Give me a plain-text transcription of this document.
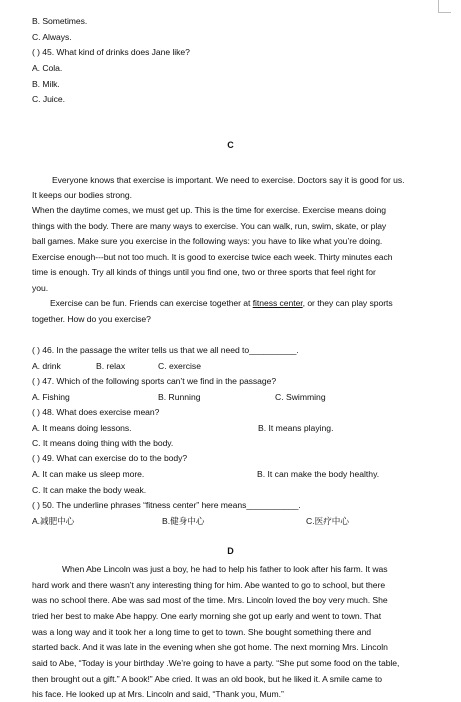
B. Sometimes.
C. Always.
( ) 45. What kind of drinks does Jane like?
A. Cola.
B. Milk.
C. Juice.
C
Everyone knows that exercise is important. We need to exercise. Doctors say it is good for us.
It keeps our bodies strong.
When the daytime comes, we must get up. This is the time for exercise. Exercise means doing
things with the body. There are many ways to exercise. You can walk, run, swim, skate, or play
ball games. Make sure you exercise in the following ways: you have to like what you’re doing.
Exercise enough---but not too much. It is good to exercise twice each week. Thirty minutes each
time is enough. Try all kinds of things until you find one, two or three sports that feel right for
you.
Exercise can be fun. Friends can exercise together at fitness center, or they can play sports
together. How do you exercise?
( ) 46. In the passage the writer tells us that we all need to__________.
A. drink	B. relax	C. exercise
( ) 47. Which of the following sports can’t we find in the passage?
A. Fishing	B. Running	C. Swimming
( ) 48. What does exercise mean?
A. It means doing lessons.	B. It means playing.
C. It means doing thing with the body.
( ) 49. What can exercise do to the body?
A. It can make us sleep more.	B. It can make the body healthy.
C. It can make the body weak.
( ) 50. The underline phrases “fitness center” here means___________.
A.减肥中心	B.健身中心	C.医疗中心
D
When Abe Lincoln was just a boy, he had to help his father to look after his farm. It was
hard work and there wasn’t any interesting thing for him. Abe wanted to go to school, but there
was no school there. Abe was sad most of the time. Mrs. Lincoln loved the boy very much. She
tried her best to make Abe happy. One early morning she got up early and went to town. That
was a long way and it took her a long time to get to town. She bought something there and
started back. And it was late in the evening when she got home. The next morning Mrs. Lincoln
said to Abe, “Today is your birthday .We’re going to have a party. “She put some food on the table,
then brought out a gift.” A book!” Abe cried. It was an old book, but he liked it. A smile came to
his face. He looked up at Mrs. Lincoln and said, “Thank you, Mum.”
